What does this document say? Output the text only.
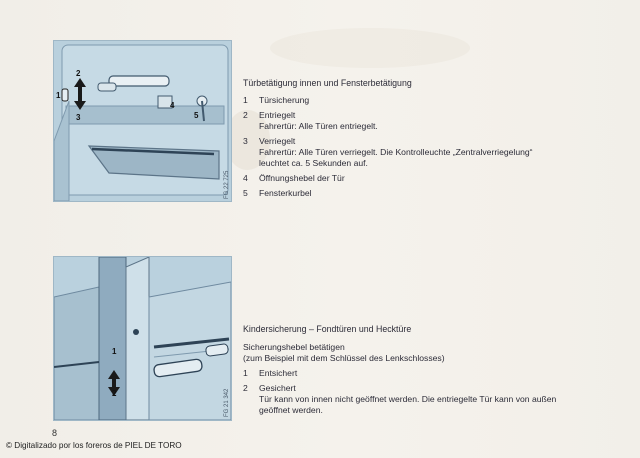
1
2
3
4
5
FG 22 725
Türbetätigung innen und Fensterbetätigung
1	Türsicherung
2	Entriegelt
Fahrertür: Alle Türen entriegelt.
3	Verriegelt
Fahrertür: Alle Türen verriegelt. Die Kontrolleuchte „Zentralverriegelung“
leuchtet ca. 5 Sekunden auf.
4	Öffnungshebel der Tür
5	Fensterkurbel
1
2	FG 21 342
Kindersicherung – Fondtüren und Hecktüre
Sicherungshebel betätigen
(zum Beispiel mit dem Schlüssel des Lenkschlosses)
1	Entsichert
2	Gesichert
Tür kann von innen nicht geöffnet werden. Die entriegelte Tür kann von außen
geöffnet werden.
8
© Digitalizado por los foreros de PIEL DE TORO
